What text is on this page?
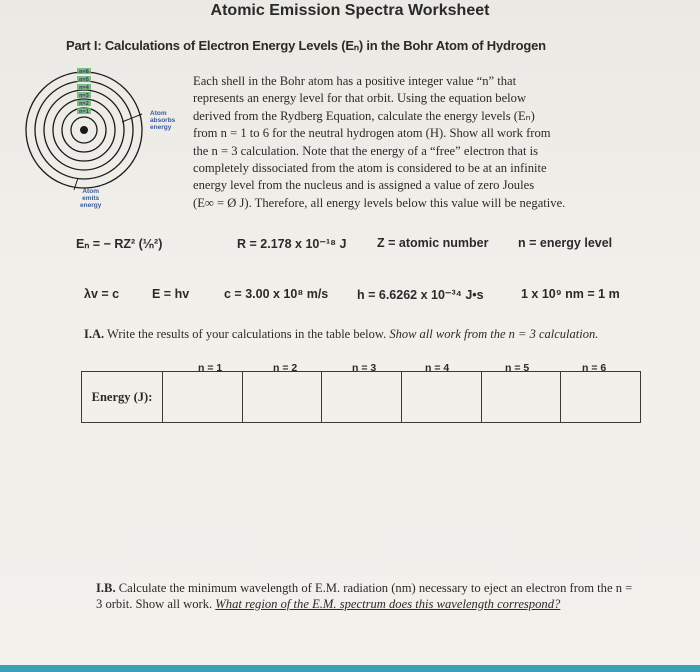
Atomic Emission Spectra Worksheet
Part I: Calculations of Electron Energy Levels (Eₙ) in the Bohr Atom of Hydrogen
n=6
n=5
n=4
n=3
n=2
n=1	Atom
absorbs
energy
Atom
emits
energy
Each shell in the Bohr atom has a positive integer value “n” that
represents an energy level for that orbit. Using the equation below
derived from the Rydberg Equation, calculate the energy levels (Eₙ)
from n = 1 to 6 for the neutral hydrogen atom (H). Show all work from
the n = 3 calculation. Note that the energy of a “free” electron that is
completely dissociated from the atom is considered to be at an infinite
energy level from the nucleus and is assigned a value of zero Joules
(E∞ = Ø J). Therefore, all energy levels below this value will be negative.
Eₙ = − RZ² (¹⁄ₙ²)	R = 2.178 x 10⁻¹⁸ J Z = atomic number n = energy level
λv = c	E = hv	c = 3.00 x 10⁸ m/s h = 6.6262 x 10⁻³⁴ J•s	1 x 10⁹ nm = 1 m
I.A. Write the results of your calculations in the table below. Show all work from the n = 3 calculation.
n = 1	n = 2	n = 3	n = 4	n = 5	n = 6
Energy (J):						
I.B. Calculate the minimum wavelength of E.M. radiation (nm) necessary to eject an electron from the n = 3 orbit. Show all work. What region of the E.M. spectrum does this wavelength correspond?
